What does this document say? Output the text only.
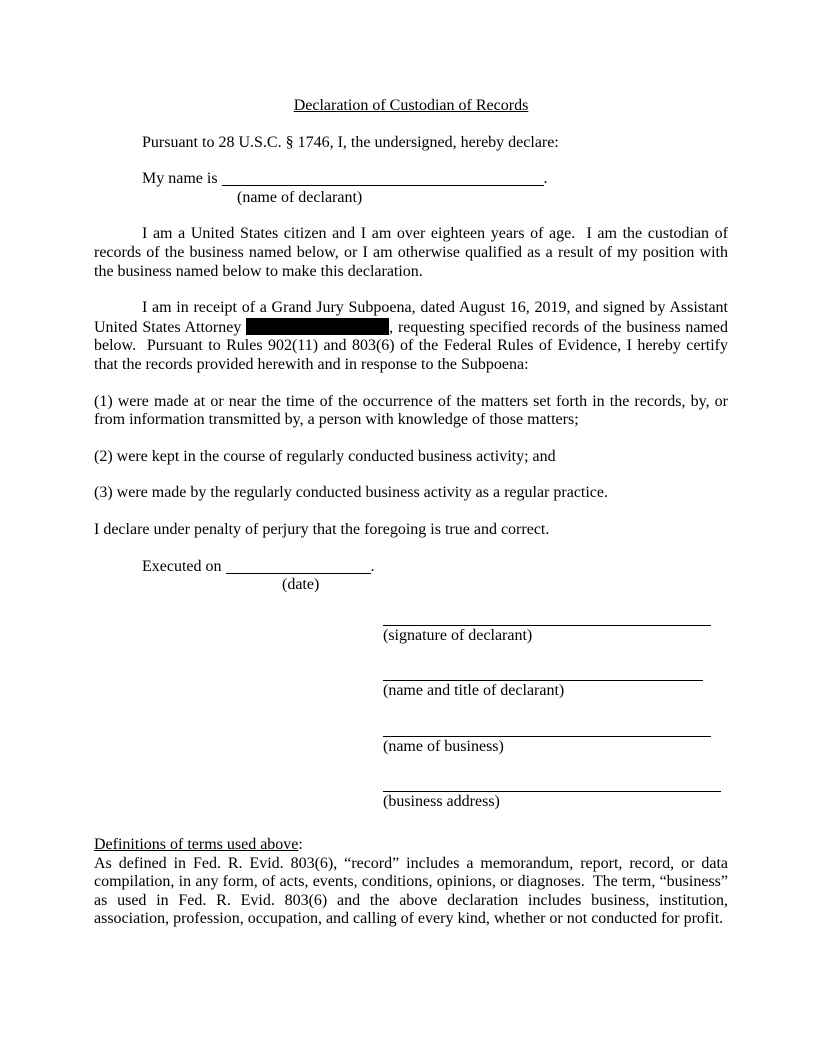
Declaration of Custodian of Records

Pursuant to 28 U.S.C. § 1746, I, the undersigned, hereby declare:

My name is	.

(name of declarant)

I am a United States citizen and I am over eighteen years of age.  I am the custodian of records of the business named below, or I am otherwise qualified as a result of my position with the business named below to make this declaration.

I am in receipt of a Grand Jury Subpoena, dated August 16, 2019, and signed by Assistant United States Attorney	, requesting specified records of the business named below.  Pursuant to Rules 902(11) and 803(6) of the Federal Rules of Evidence, I hereby certify that the records provided herewith and in response to the Subpoena:

(1) were made at or near the time of the occurrence of the matters set forth in the records, by, or from information transmitted by, a person with knowledge of those matters;

(2) were kept in the course of regularly conducted business activity; and

(3) were made by the regularly conducted business activity as a regular practice.

I declare under penalty of perjury that the foregoing is true and correct.

Executed on	.

(date)

(signature of declarant)

(name and title of declarant)

(name of business)

(business address)

Definitions of terms used above:

As defined in Fed. R. Evid. 803(6), “record” includes a memorandum, report, record, or data compilation, in any form, of acts, events, conditions, opinions, or diagnoses.  The term, “business” as used in Fed. R. Evid. 803(6) and the above declaration includes business, institution, association, profession, occupation, and calling of every kind, whether or not conducted for profit.
